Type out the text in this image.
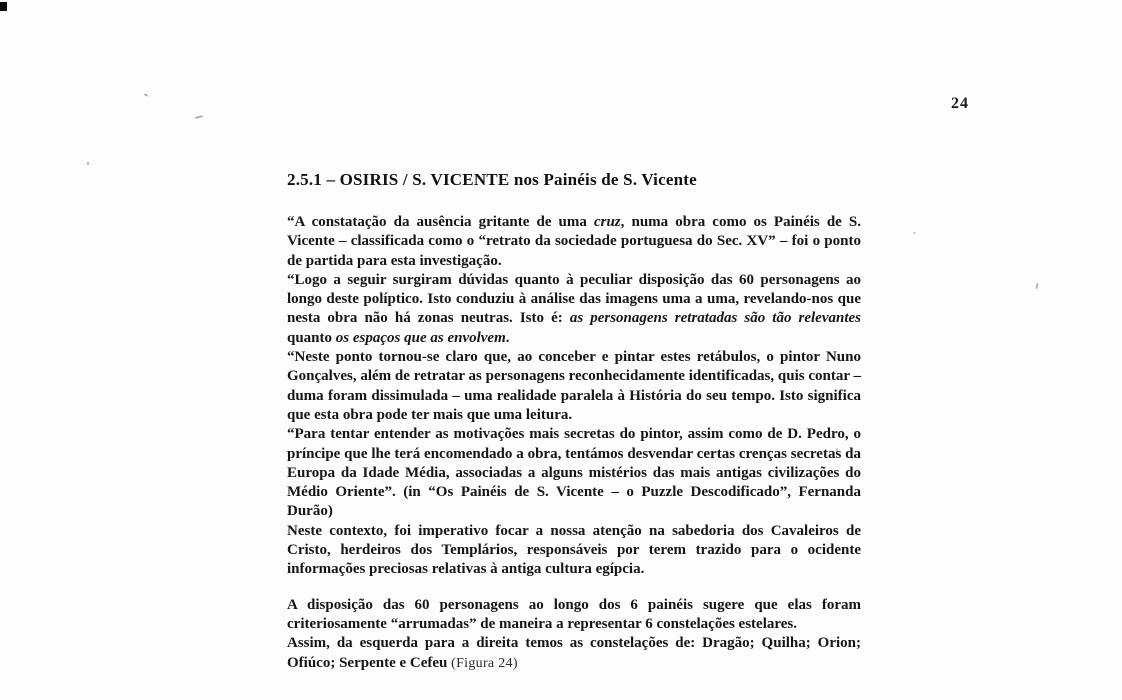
24
2.5.1 – OSIRIS / S. VICENTE nos Painéis de S. Vicente

“A constatação da ausência gritante de uma cruz, numa obra como os Painéis de S. Vicente – classificada como o “retrato da sociedade portuguesa do Sec. XV” – foi o ponto de partida para esta investigação.

“Logo a seguir surgiram dúvidas quanto à peculiar disposição das 60 personagens ao longo deste políptico. Isto conduziu à análise das imagens uma a uma, revelando-nos que nesta obra não há zonas neutras. Isto é: as personagens retratadas são tão relevantes quanto os espaços que as envolvem.

“Neste ponto tornou-se claro que, ao conceber e pintar estes retábulos, o pintor Nuno Gonçalves, além de retratar as personagens reconhecidamente identificadas, quis contar – duma foram dissimulada – uma realidade paralela à História do seu tempo. Isto significa que esta obra pode ter mais que uma leitura.

“Para tentar entender as motivações mais secretas do pintor, assim como de D. Pedro, o príncipe que lhe terá encomendado a obra, tentámos desvendar certas crenças secretas da Europa da Idade Média, associadas a alguns mistérios das mais antigas civilizações do Médio Oriente”. (in “Os Painéis de S. Vicente – o Puzzle Descodificado”, Fernanda Durão)

Neste contexto, foi imperativo focar a nossa atenção na sabedoria dos Cavaleiros de Cristo, herdeiros dos Templários, responsáveis por terem trazido para o ocidente informações preciosas relativas à antiga cultura egípcia.

A disposição das 60 personagens ao longo dos 6 painéis sugere que elas foram criteriosamente “arrumadas” de maneira a representar 6 constelações estelares.

Assim, da esquerda para a direita temos as constelações de: Dragão; Quilha; Orion; Ofiúco; Serpente e Cefeu (Figura 24)
